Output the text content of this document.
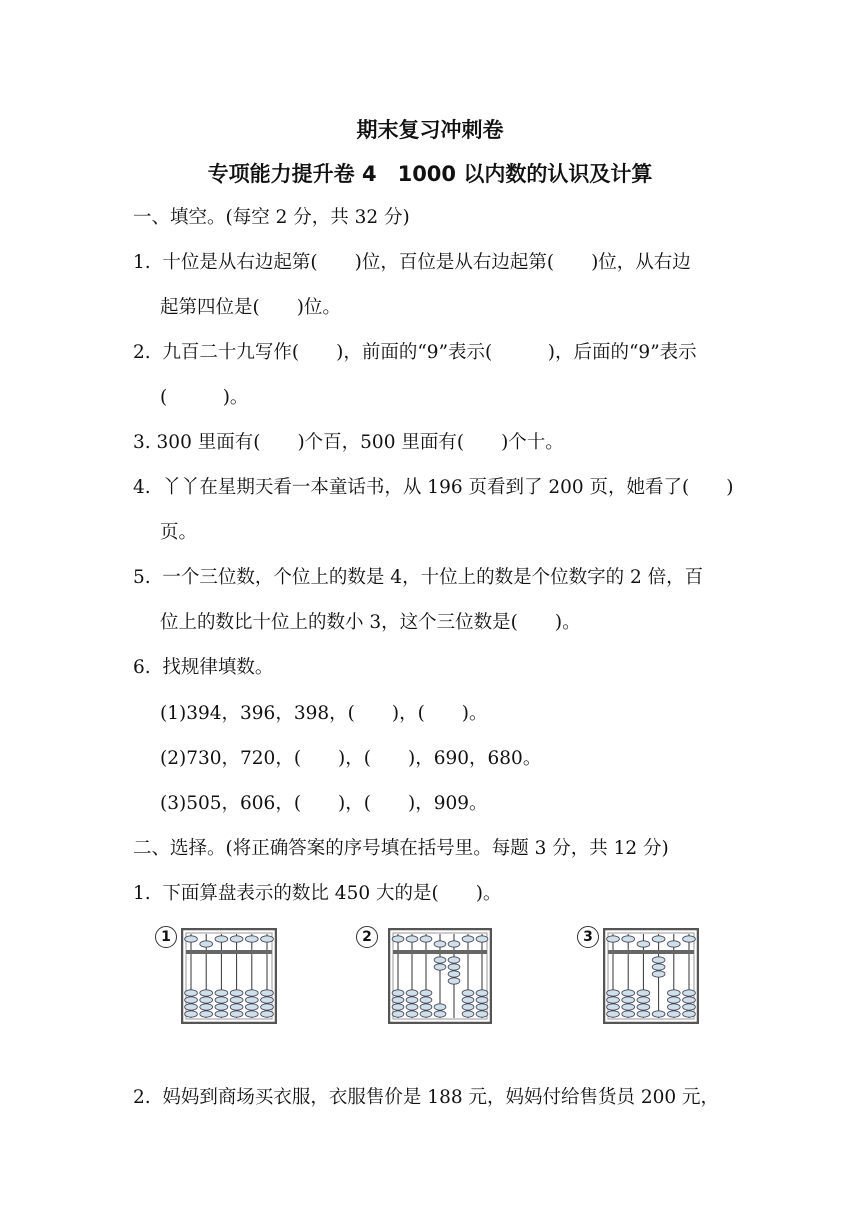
期末复习冲刺卷
专项能力提升卷 4　1000 以内数的认识及计算
一、填空。(每空 2 分，共 32 分)
1.  十位是从右边起第(　　)位，百位是从右边起第(　　)位，从右边
起第四位是(　　)位。
2.  九百二十九写作(　　)，前面的“9”表示(　　　)，后面的“9”表示
(　　　)。
3. 300 里面有(　　)个百，500 里面有(　　)个十。
4.  丫丫在星期天看一本童话书，从 196 页看到了 200 页，她看了(　　)
页。
5.  一个三位数，个位上的数是 4，十位上的数是个位数字的 2 倍，百
位上的数比十位上的数小 3，这个三位数是(　　)。
6.  找规律填数。
(1)394，396，398，(　　)，(　　)。
(2)730，720，(　　)，(　　)，690，680。
(3)505，606，(　　)，(　　)，909。
二、选择。(将正确答案的序号填在括号里。每题 3 分，共 12 分)
1.  下面算盘表示的数比 450 大的是(　　)。
1	2	3
2.  妈妈到商场买衣服，衣服售价是 188 元，妈妈付给售货员 200 元，
